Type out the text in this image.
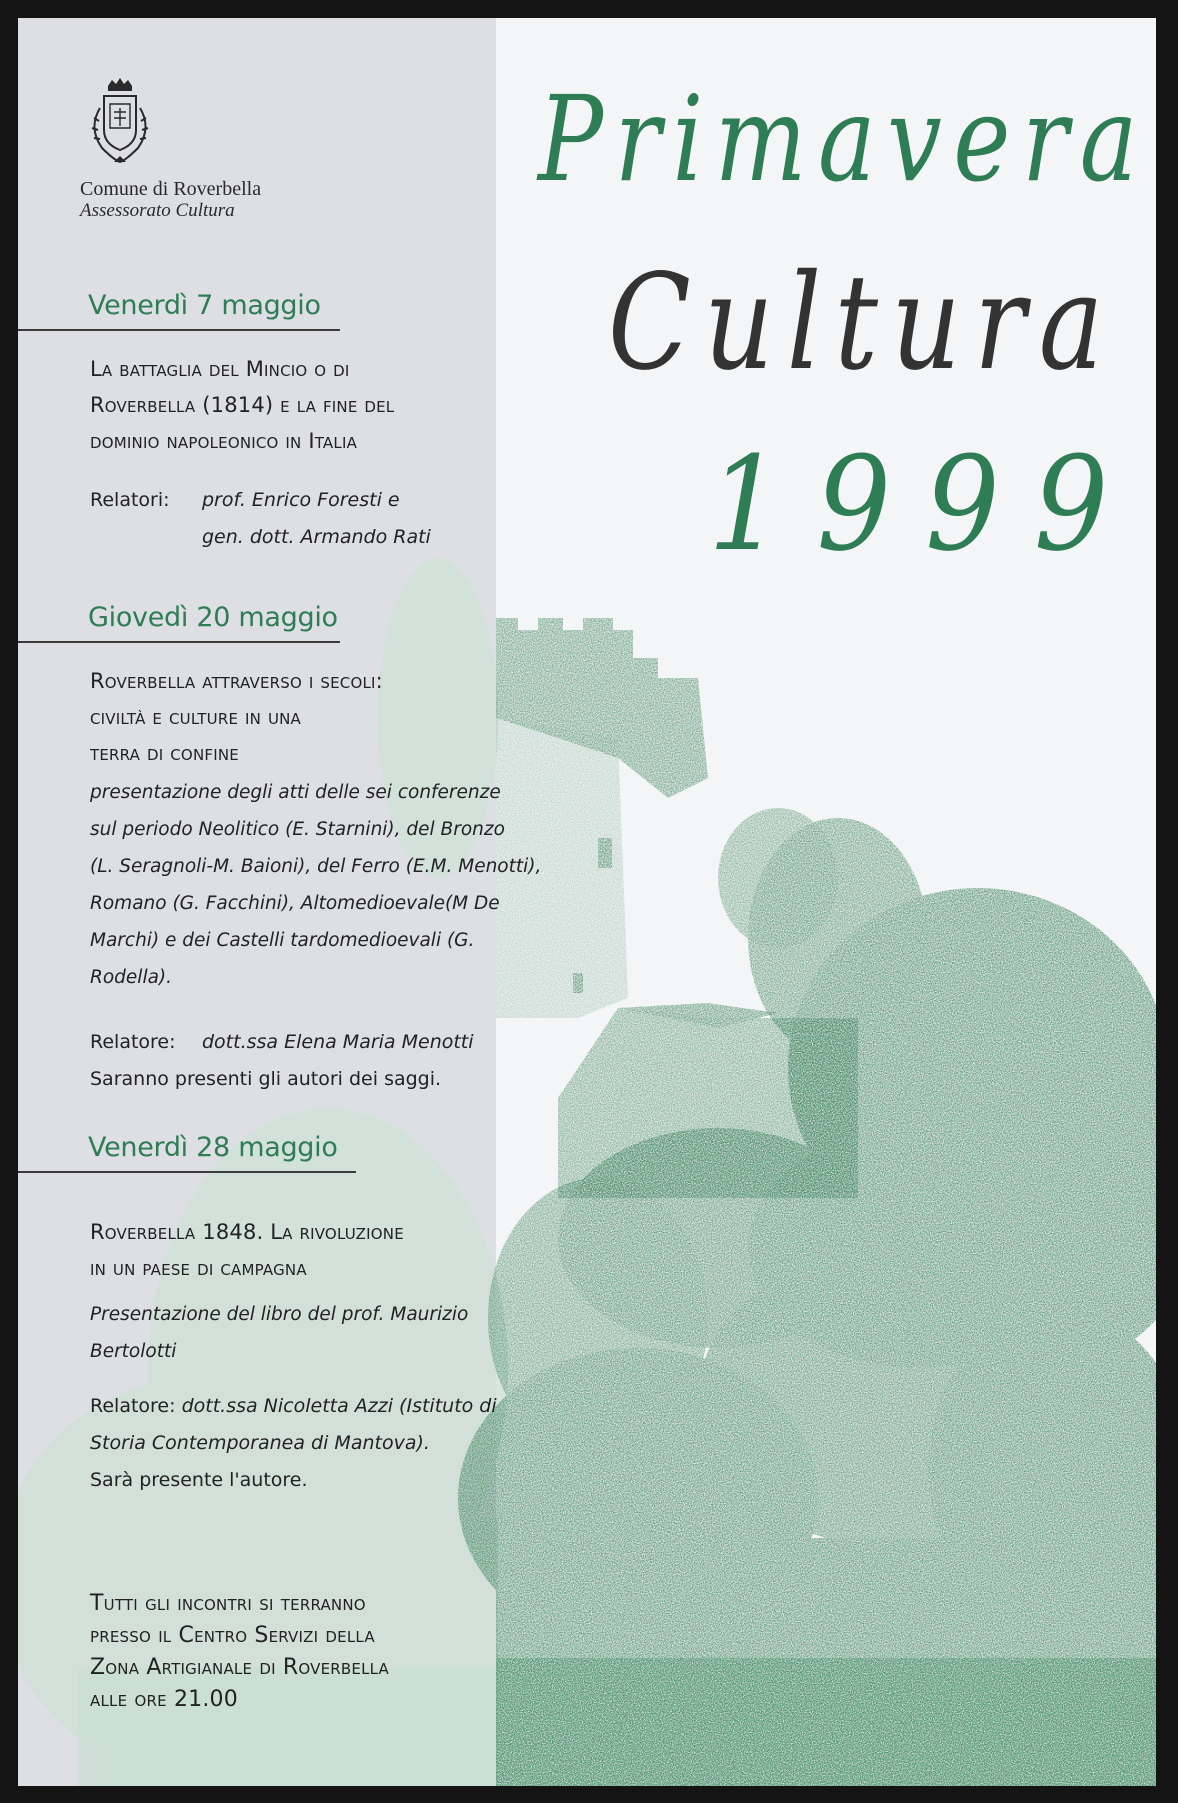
Comune di Roverbella
Assessorato Cultura
Primavera
Cultura
1999
Venerdì 7 maggio
La battaglia del Mincio o di
Roverbella (1814) e la fine del
dominio napoleonico in Italia
Relatori: prof. Enrico Foresti e
gen. dott. Armando Rati
Giovedì 20 maggio
Roverbella attraverso i secoli:
civiltà e culture in una
terra di confine
presentazione degli atti delle sei conferenze
sul periodo Neolitico (E. Starnini), del Bronzo
(L. Seragnoli-M. Baioni), del Ferro (E.M. Menotti),
Romano (G. Facchini), Altomedioevale(M De
Marchi) e dei Castelli tardomedioevali (G.
Rodella).
Relatore: dott.ssa Elena Maria Menotti
Saranno presenti gli autori dei saggi.
Venerdì 28 maggio
Roverbella 1848. La rivoluzione
in un paese di campagna
Presentazione del libro del prof. Maurizio
Bertolotti
Relatore: dott.ssa Nicoletta Azzi (Istituto di
Storia Contemporanea di Mantova).
Sarà presente l'autore.
Tutti gli incontri si terranno
presso il Centro Servizi della
Zona Artigianale di Roverbella
alle ore 21.00
